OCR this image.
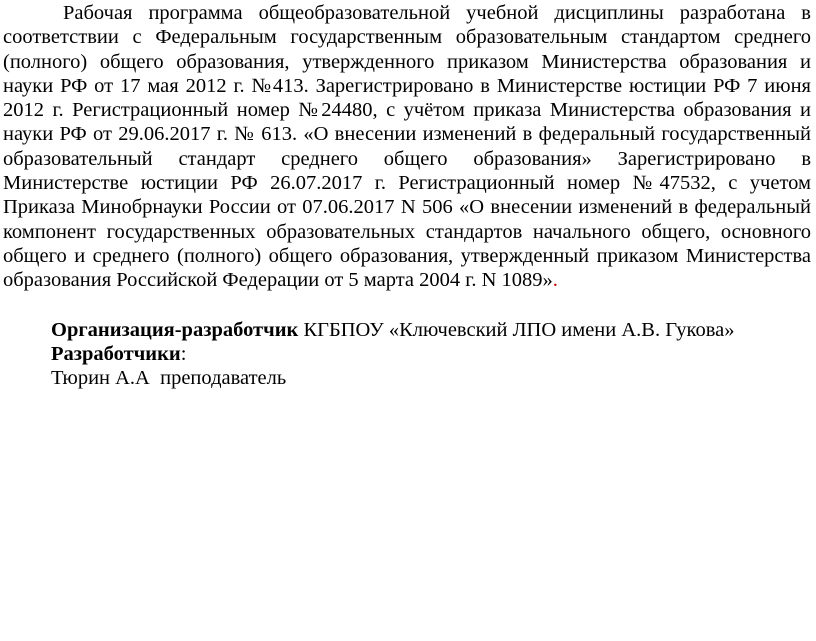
Рабочая программа общеобразовательной учебной дисциплины разработана в соответствии с Федеральным государственным образовательным стандартом среднего (полного) общего образования, утвержденного приказом Министерства образования и науки РФ от 17 мая 2012 г. №413. Зарегистрировано в Министерстве юстиции РФ 7 июня 2012 г. Регистрационный номер №24480, с учётом приказа Министерства образования и науки РФ от 29.06.2017 г. № 613. «О внесении изменений в федеральный государственный образовательный стандарт среднего общего образования» Зарегистрировано в Министерстве юстиции РФ 26.07.2017 г. Регистрационный номер №47532, с учетом Приказа Минобрнауки России от 07.06.2017 N 506 «О внесении изменений в федеральный компонент государственных образовательных стандартов начального общего, основного общего и среднего (полного) общего образования, утвержденный приказом Министерства образования Российской Федерации от 5 марта 2004 г. N 1089».

Организация-разработчик КГБПОУ «Ключевский ЛПО имени А.В. Гукова»
Разработчики:
Тюрин А.А  преподаватель
